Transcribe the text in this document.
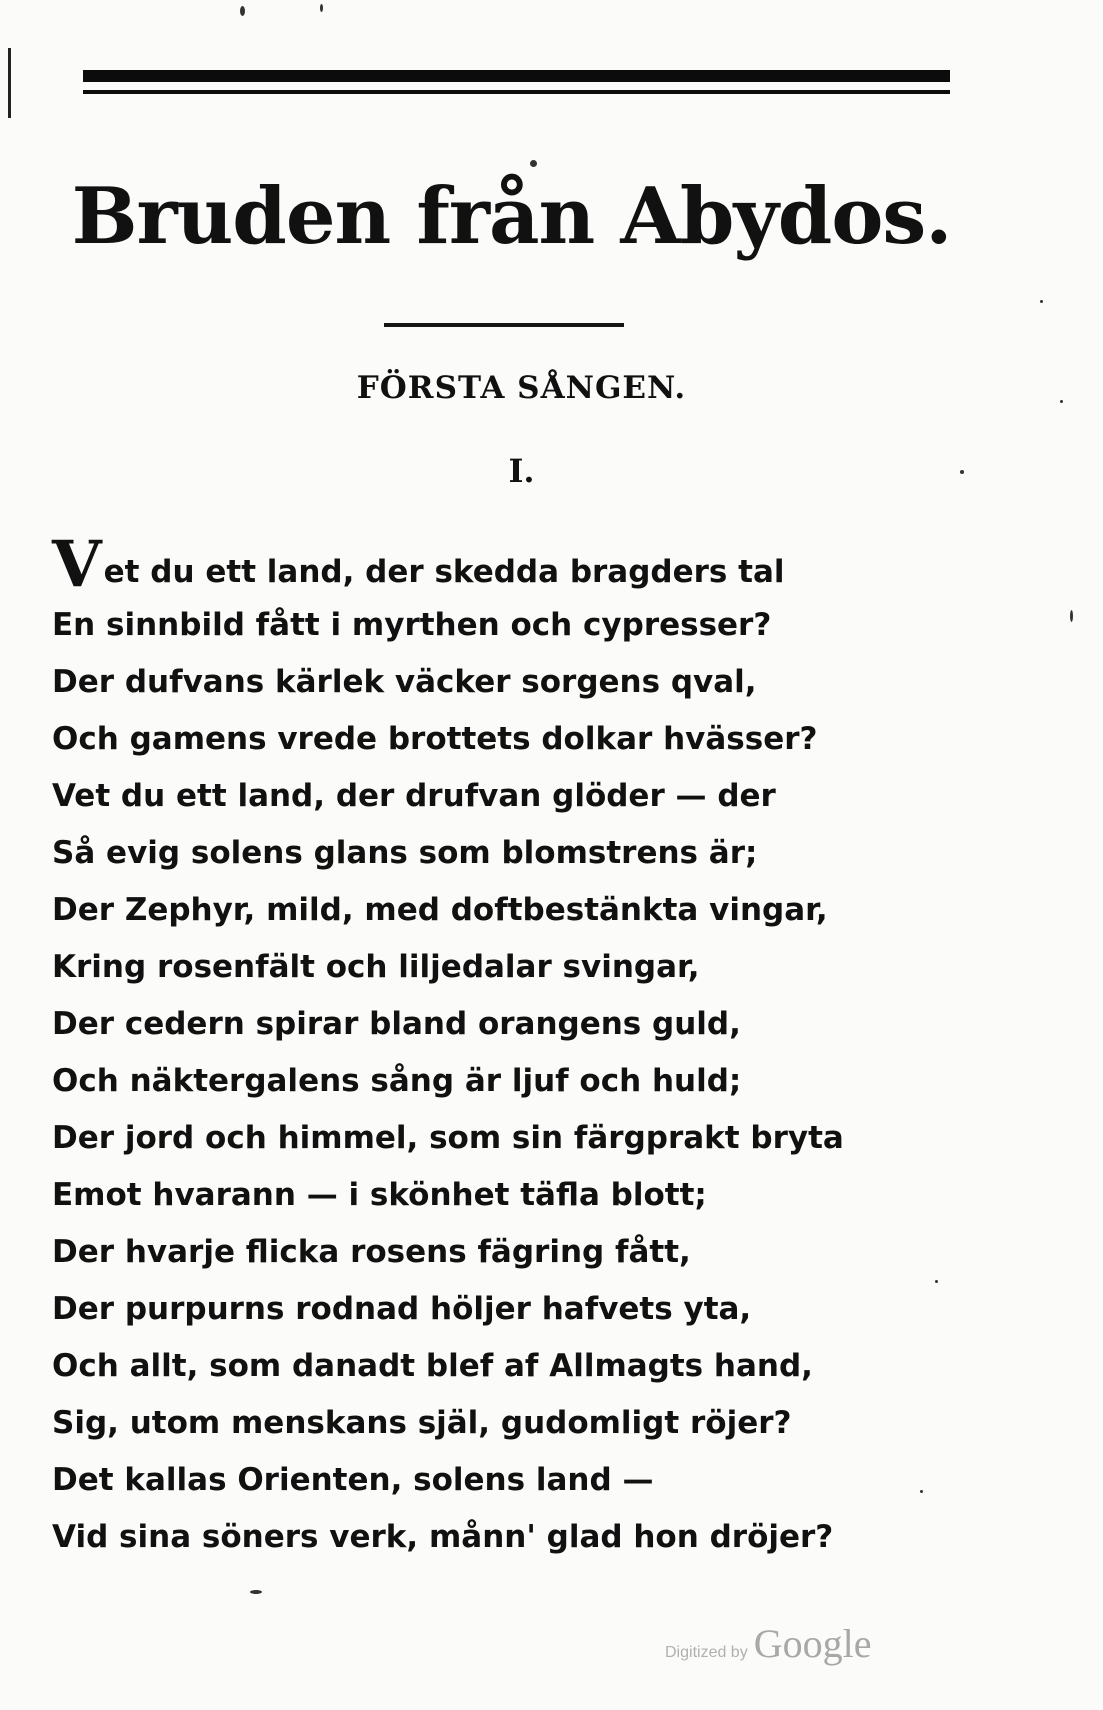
Bruden från Abydos.
FÖRSTA SÅNGEN.
I.
Vet du ett land, der skedda bragders tal
En sinnbild fått i myrthen och cypresser?
Der dufvans kärlek väcker sorgens qval,
Och gamens vrede brottets dolkar hvässer?
Vet du ett land, der drufvan glöder — der
Så evig solens glans som blomstrens är;
Der Zephyr, mild, med doftbestänkta vingar,
Kring rosenfält och liljedalar svingar,
Der cedern spirar bland orangens guld,
Och näktergalens sång är ljuf och huld;
Der jord och himmel, som sin färgprakt bryta
Emot hvarann — i skönhet täfla blott;
Der hvarje flicka rosens fägring fått,
Der purpurns rodnad höljer hafvets yta,
Och allt, som danadt blef af Allmagts hand,
Sig, utom menskans själ, gudomligt röjer?
Det kallas Orienten, solens land —
Vid sina söners verk, månn' glad hon dröjer?
Digitized by Google
